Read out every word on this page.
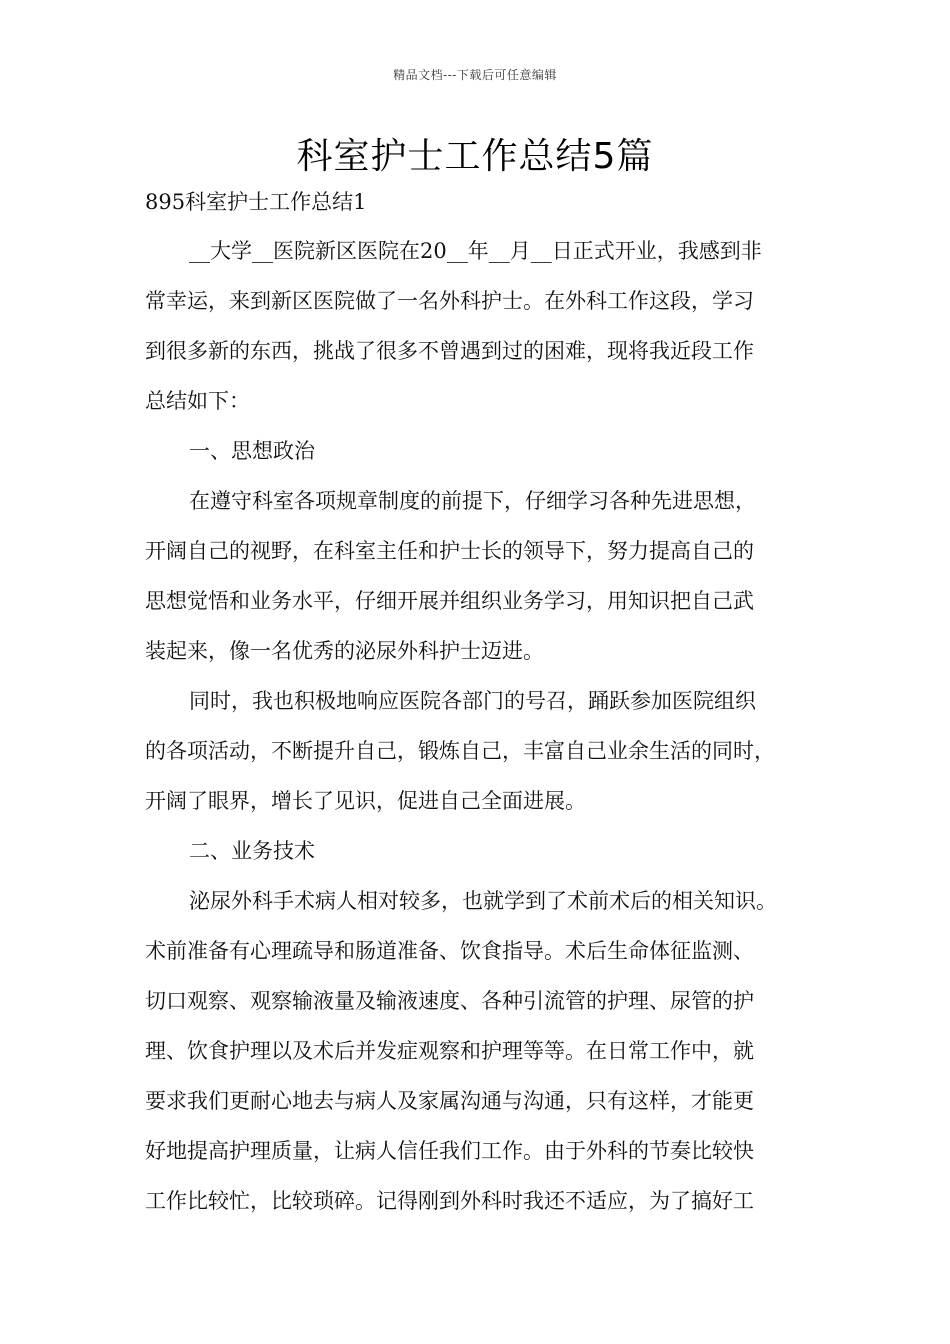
精品文档---下载后可任意编辑
科室护士工作总结5篇
895科室护士工作总结1
__大学__医院新区医院在20__年__月__日正式开业，我感到非
常幸运，来到新区医院做了一名外科护士。在外科工作这段，学习
到很多新的东西，挑战了很多不曾遇到过的困难，现将我近段工作
总结如下：
一、思想政治
在遵守科室各项规章制度的前提下，仔细学习各种先进思想，
开阔自己的视野，在科室主任和护士长的领导下，努力提高自己的
思想觉悟和业务水平，仔细开展并组织业务学习，用知识把自己武
装起来，像一名优秀的泌尿外科护士迈进。
同时，我也积极地响应医院各部门的号召，踊跃参加医院组织
的各项活动，不断提升自己，锻炼自己，丰富自己业余生活的同时，
开阔了眼界，增长了见识，促进自己全面进展。
二、业务技术
泌尿外科手术病人相对较多，也就学到了术前术后的相关知识。
术前准备有心理疏导和肠道准备、饮食指导。术后生命体征监测、
切口观察、观察输液量及输液速度、各种引流管的护理、尿管的护
理、饮食护理以及术后并发症观察和护理等等。在日常工作中，就
要求我们更耐心地去与病人及家属沟通与沟通，只有这样，才能更
好地提高护理质量，让病人信任我们工作。由于外科的节奏比较快
工作比较忙，比较琐碎。记得刚到外科时我还不适应，为了搞好工
